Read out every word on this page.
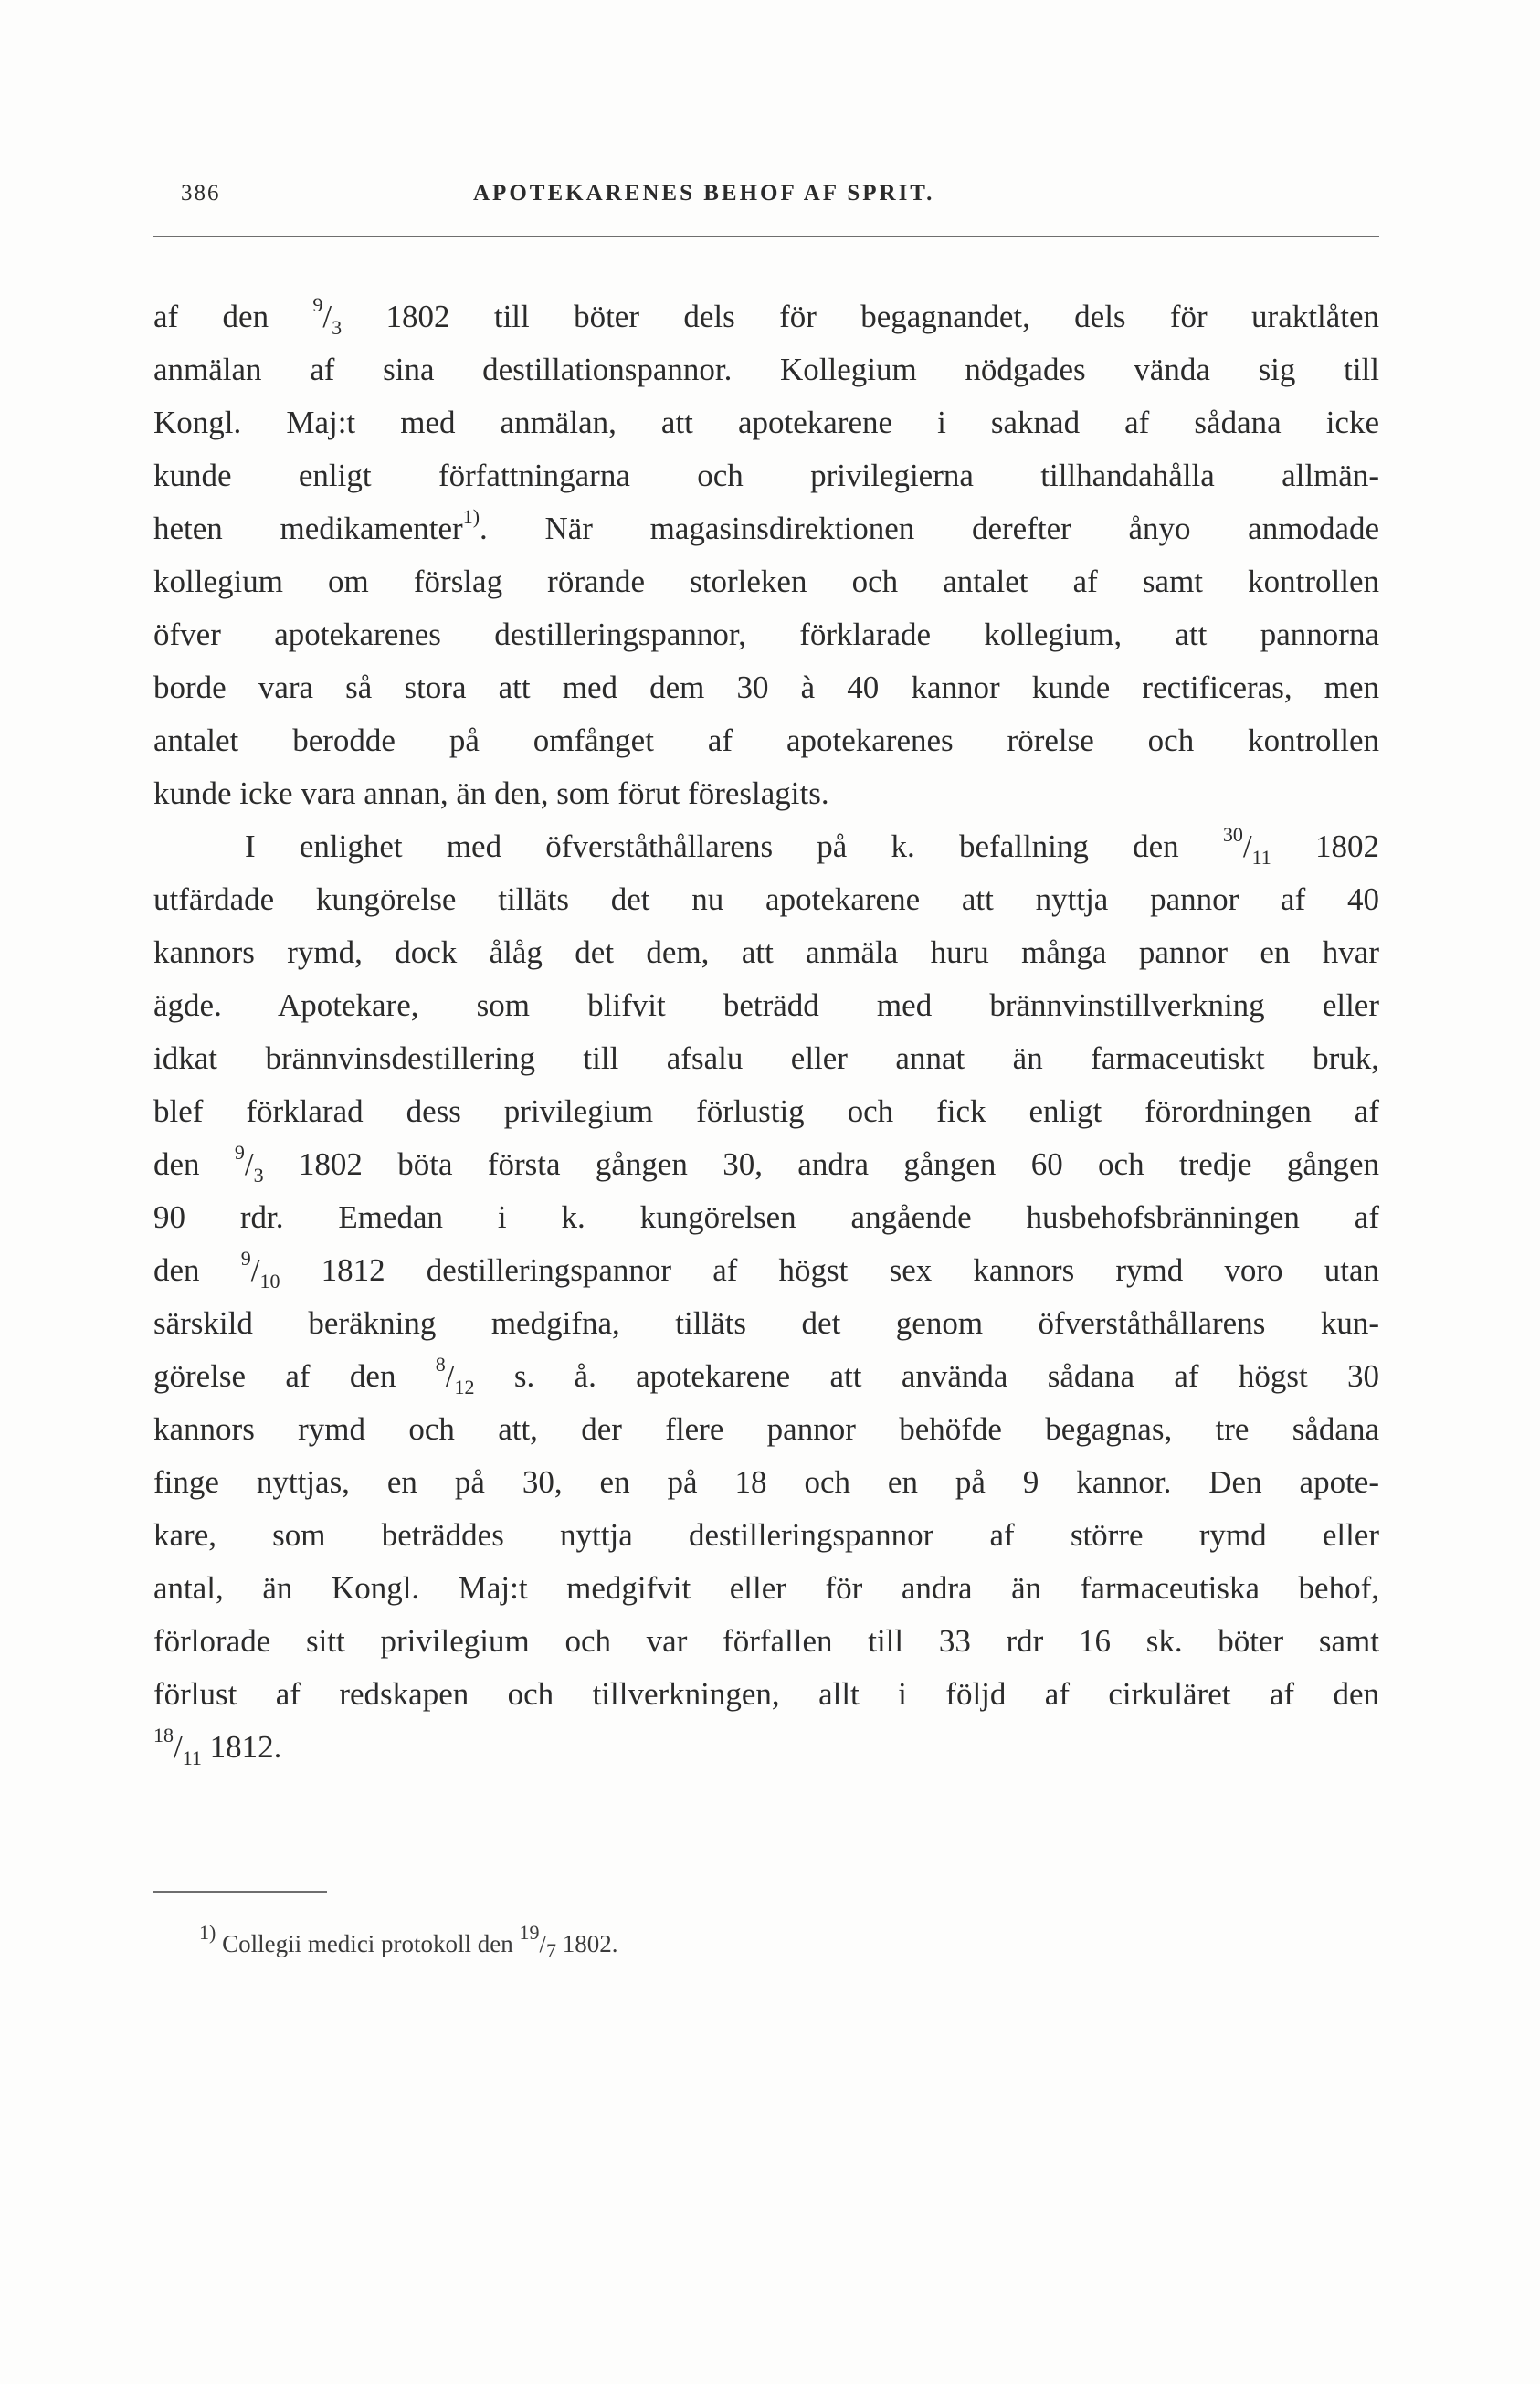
386	APOTEKARENES BEHOF AF SPRIT.
af den $^9/_3$ 1802 till böter dels för begagnandet, dels för uraktlåten
anmälan af sina destillationspannor. Kollegium nödgades vända sig till
Kongl. Maj:t med anmälan, att apotekarene i saknad af sådana icke
kunde enligt författningarna och privilegierna tillhandahålla allmän-
heten medikamenter$^{1)}$. När magasinsdirektionen derefter ånyo anmodade
kollegium om förslag rörande storleken och antalet af samt kontrollen
öfver apotekarenes destilleringspannor, förklarade kollegium, att pannorna
borde vara så stora att med dem 30 à 40 kannor kunde rectificeras, men
antalet berodde på omfånget af apotekarenes rörelse och kontrollen
kunde icke vara annan, än den, som förut föreslagits.
I enlighet med öfverståthållarens på k. befallning den $^{30}/_{11}$ 1802
utfärdade kungörelse tilläts det nu apotekarene att nyttja pannor af 40
kannors rymd, dock ålåg det dem, att anmäla huru många pannor en hvar
ägde. Apotekare, som blifvit beträdd med brännvinstillverkning eller
idkat brännvinsdestillering till afsalu eller annat än farmaceutiskt bruk,
blef förklarad dess privilegium förlustig och fick enligt förordningen af
den $^9/_3$ 1802 böta första gången 30, andra gången 60 och tredje gången
90 rdr. Emedan i k. kungörelsen angående husbehofsbränningen af
den $^9/_{10}$ 1812 destilleringspannor af högst sex kannors rymd voro utan
särskild beräkning medgifna, tilläts det genom öfverståthållarens kun-
görelse af den $^8/_{12}$ s. å. apotekarene att använda sådana af högst 30
kannors rymd och att, der flere pannor behöfde begagnas, tre sådana
finge nyttjas, en på 30, en på 18 och en på 9 kannor. Den apote-
kare, som beträddes nyttja destilleringspannor af större rymd eller
antal, än Kongl. Maj:t medgifvit eller för andra än farmaceutiska behof,
förlorade sitt privilegium och var förfallen till 33 rdr 16 sk. böter samt
förlust af redskapen och tillverkningen, allt i följd af cirkuläret af den
$^{18}/_{11}$ 1812.
$^{1)}$ Collegii medici protokoll den $^{19}/_7$ 1802.
